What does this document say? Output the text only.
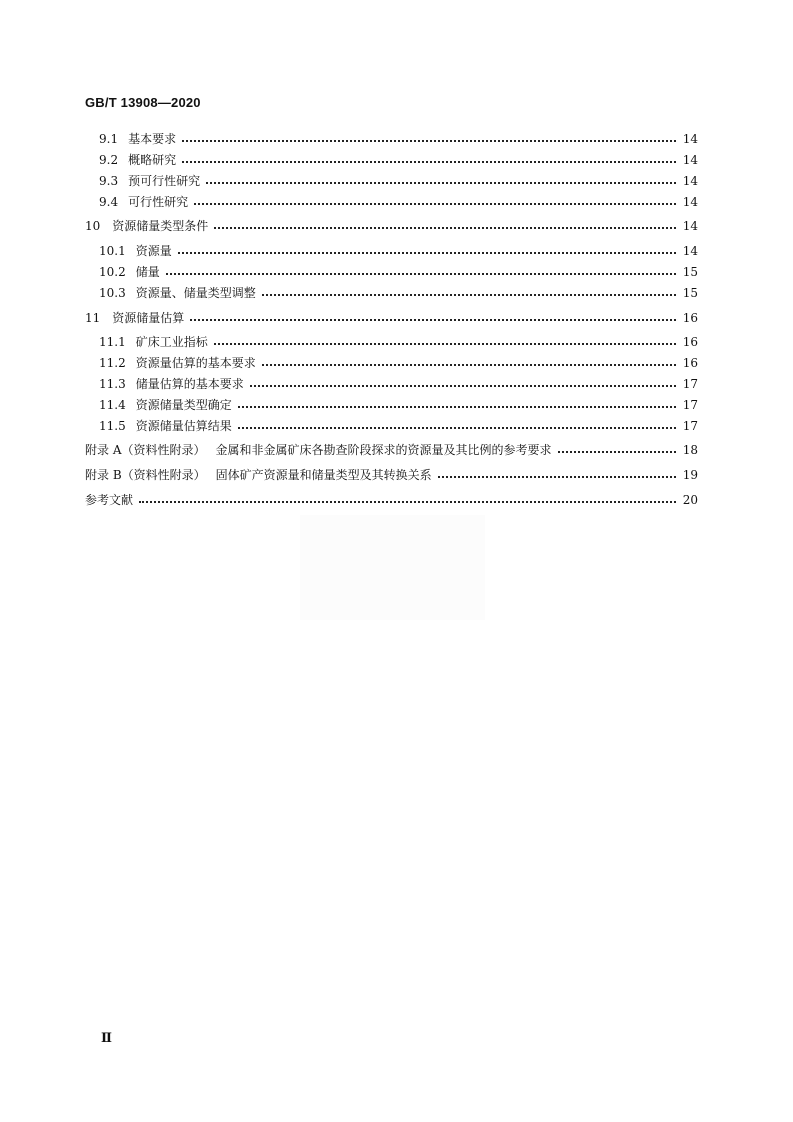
GB/T 13908—2020
9.1 基本要求	14
9.2 概略研究	14
9.3 预可行性研究	14
9.4 可行性研究	14
10	资源储量类型条件	14
10.1 资源量	14
10.2 储量	15
10.3 资源量、储量类型调整	15
11	资源储量估算	16
11.1 矿床工业指标	16
11.2 资源量估算的基本要求	16
11.3 储量估算的基本要求	17
11.4 资源储量类型确定	17
11.5 资源储量估算结果	17
附录 A（资料性附录） 金属和非金属矿床各勘查阶段探求的资源量及其比例的参考要求	18
附录 B（资料性附录） 固体矿产资源量和储量类型及其转换关系	19
参考文献	20
Ⅱ
